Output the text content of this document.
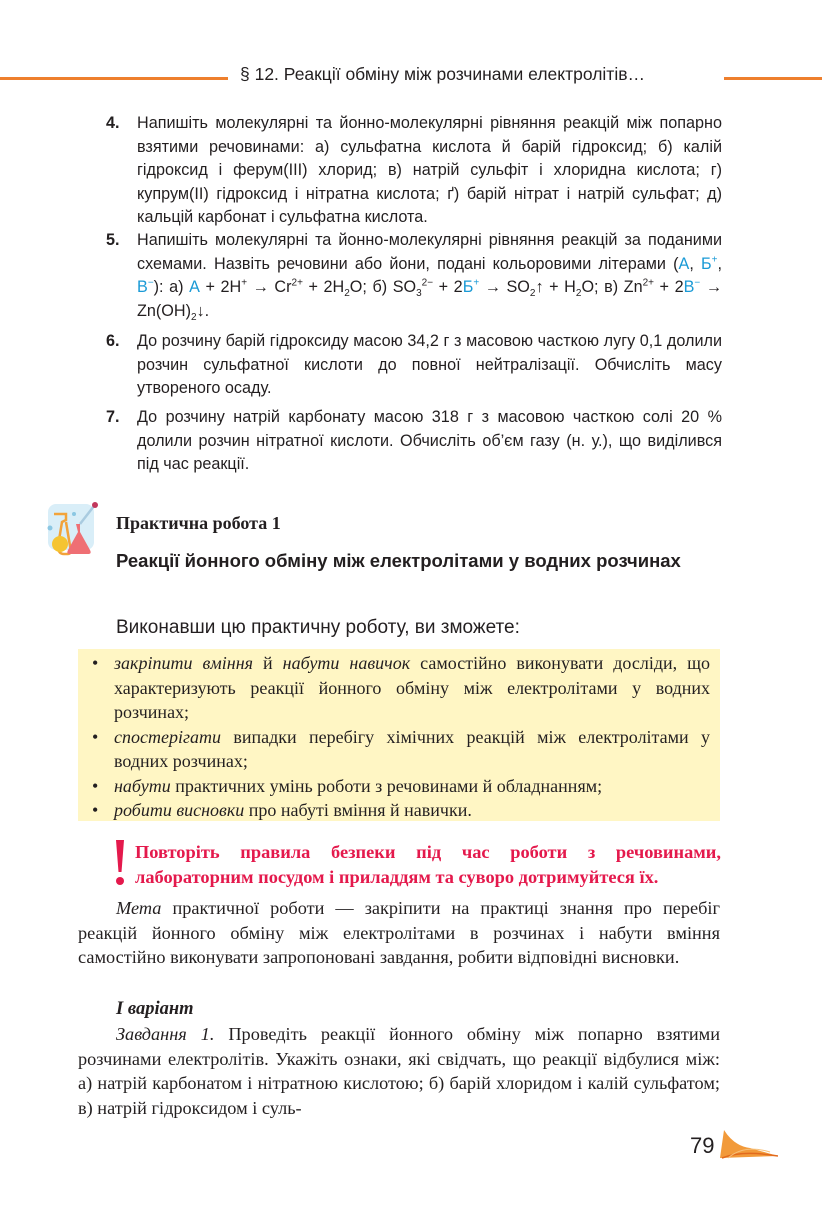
§ 12. Реакції обміну між розчинами електролітів…
4. Напишіть молекулярні та йонно-молекулярні рівняння реакцій між попарно взятими речовинами: а) сульфатна кислота й барій гідроксид; б) калій гідроксид і ферум(ІІІ) хлорид; в) натрій сульфіт і хлоридна кислота; г) купрум(ІІ) гідроксид і нітратна кислота; ґ) барій нітрат і натрій сульфат; д) кальцій карбонат і сульфатна кислота.
5. Напишіть молекулярні та йонно-молекулярні рівняння реакцій за поданими схемами. Назвіть речовини або йони, подані кольоровими літерами (А, Б+, В−): а) $А + 2H^+ \to Cr^{2+} + 2H_2O$; б) $SO_3^{2-} + 2Б^+$ → $SO_2↑ + H_2O$; в) $Zn^{2+} + 2В^-$ → $Zn(OH)_2↓$.
6. До розчину барій гідроксиду масою 34,2 г з масовою часткою лугу 0,1 долили розчин сульфатної кислоти до повної нейтралізації. Обчисліть масу утвореного осаду.
7. До розчину натрій карбонату масою 318 г з масовою часткою солі 20 % долили розчин нітратної кислоти. Обчисліть об’єм газу (н. у.), що виділився під час реакції.
Практична робота 1
Реакції йонного обміну між електролітами у водних розчинах
Виконавши цю практичну роботу, ви зможете:
• закріпити вміння й набути навичок самостійно виконувати досліди, що характеризують реакції йонного обміну між електролітами у водних розчинах;
• спостерігати випадки перебігу хімічних реакцій між електролітами у водних розчинах;
• набути практичних умінь роботи з речовинами й обладнанням;
• робити висновки про набуті вміння й навички.
Повторіть правила безпеки під час роботи з речовинами, лабораторним посудом і приладдям та суворо дотримуйтеся їх.
Мета практичної роботи — закріпити на практиці знання про перебіг реакцій йонного обміну між електролітами в розчинах і набути вміння самостійно виконувати запропоновані завдання, робити відповідні висновки.
І варіант
Завдання 1. Проведіть реакції йонного обміну між попарно взятими розчинами електролітів. Укажіть ознаки, які свідчать, що реакції відбулися між: а) натрій карбонатом і нітратною кислотою; б) барій хлоридом і калій сульфатом; в) натрій гідроксидом і суль-
79
